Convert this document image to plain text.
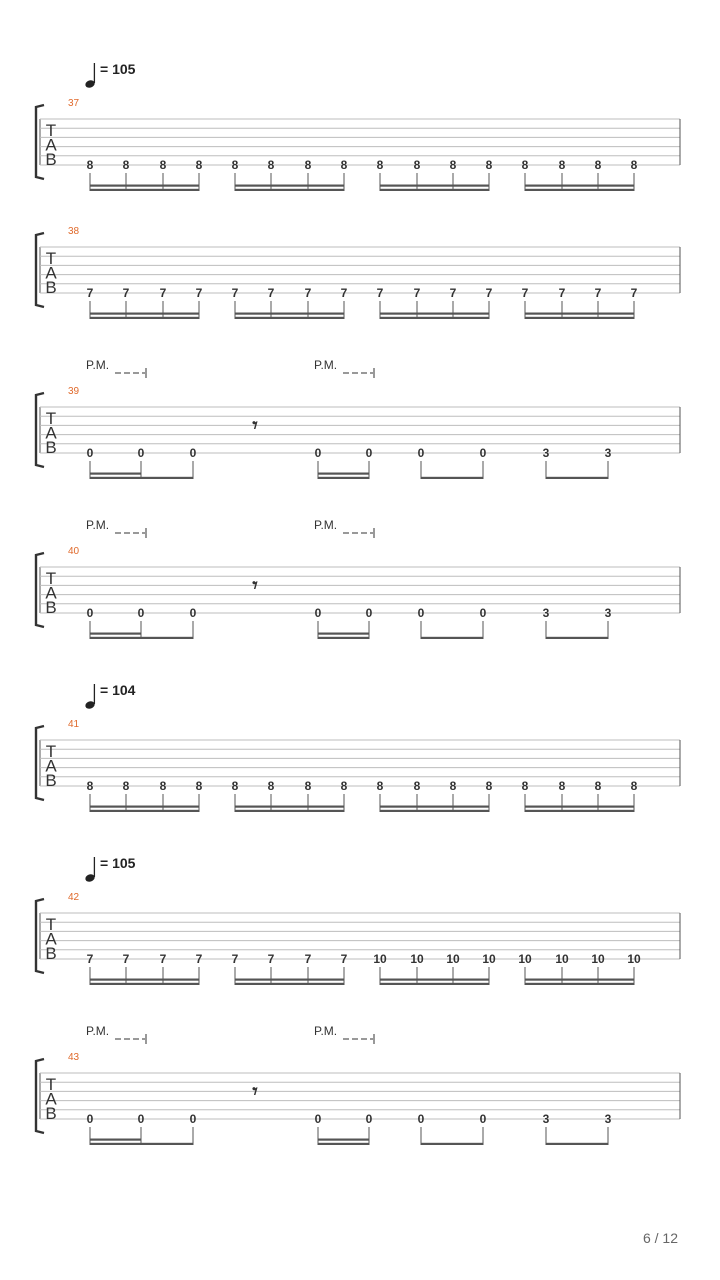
= 105
37
T
A
B 8 8	8 8 8 8	8 8 8	8 8 8 8	8 8 8
38
T
A
B 7 7	7 7 7 7	7 7 7	7 7 7 7	7 7 7
39
T
A
B 0	0	0	0	0	0	0	3	3
𝄾
P.M.	P.M.
40
T
A
B 0	0	0	0	0	0	0	3	3
𝄾
P.M.	P.M.
= 104
41
T
A
B 8 8	8 8 8 8	8 8 8	8 8 8 8	8 8 8
= 105
42
T
A
B 7 7	7 7 7 7	7 7 10 10 10 10 10 10 10 10
43
T
A
B 0	0	0	0	0	0	0	3	3
𝄾
P.M.	P.M.
6 / 12
